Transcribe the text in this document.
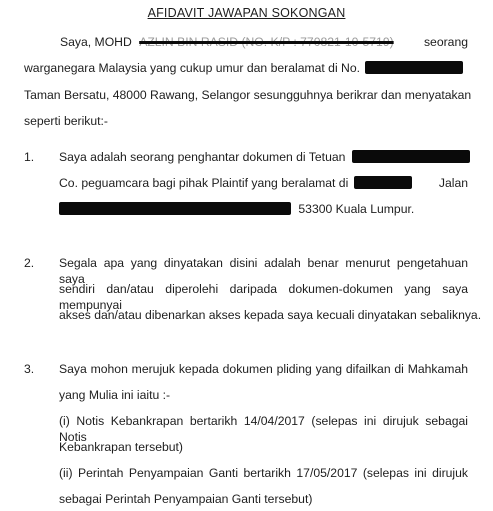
AFIDAVIT JAWAPAN SOKONGAN
Saya, MOHD AZLIN BIN RASID (NO. K/P : 770821-10-5719) seorang
warganegara Malaysia yang cukup umur dan beralamat di No.
Taman Bersatu, 48000 Rawang, Selangor sesungguhnya berikrar dan menyatakan
seperti berikut:-
1. Saya adalah seorang penghantar dokumen di Tetuan
Co. peguamcara bagi pihak Plaintif yang beralamat di	Jalan
53300 Kuala Lumpur.
2. Segala apa yang dinyatakan disini adalah benar menurut pengetahuan saya
sendiri dan/atau diperolehi daripada dokumen-dokumen yang saya mempunyai
akses dan/atau dibenarkan akses kepada saya kecuali dinyatakan sebaliknya.
3. Saya mohon merujuk kepada dokumen pliding yang difailkan di Mahkamah
yang Mulia ini iaitu :-
(i) Notis Kebankrapan bertarikh 14/04/2017 (selepas ini dirujuk sebagai Notis
Kebankrapan tersebut)
(ii) Perintah Penyampaian Ganti bertarikh 17/05/2017 (selepas ini dirujuk
sebagai Perintah Penyampaian Ganti tersebut)
